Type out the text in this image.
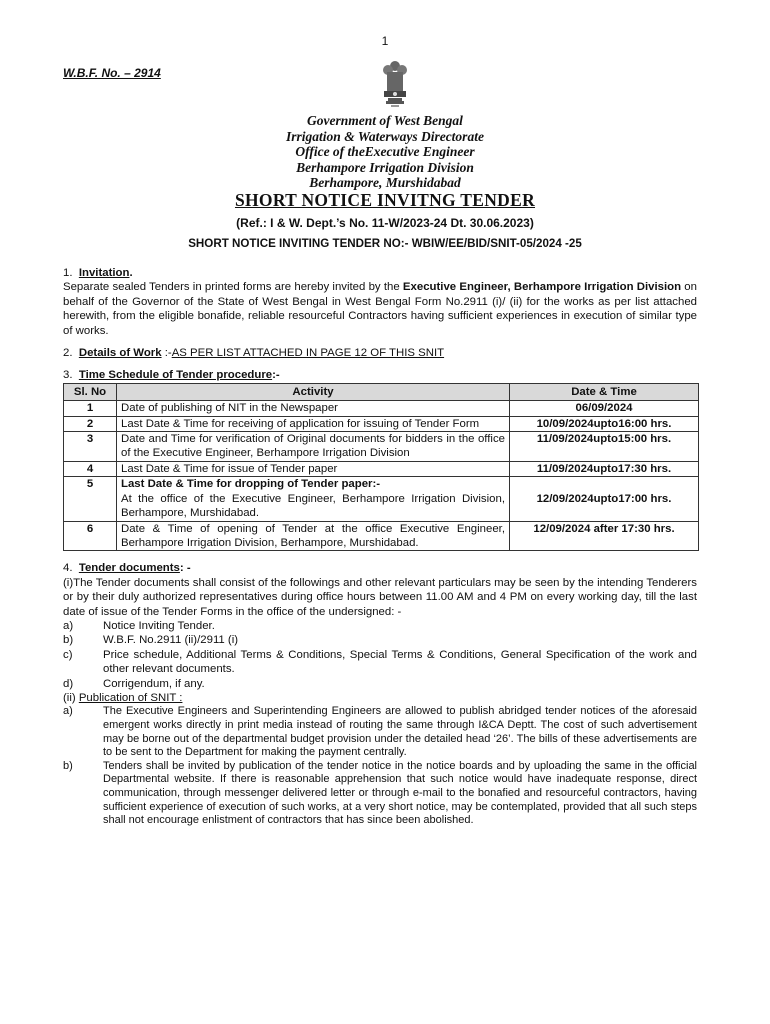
1
W.B.F. No. – 2914
Government of West Bengal
Irrigation & Waterways Directorate
Office of theExecutive Engineer
Berhampore Irrigation Division
Berhampore, Murshidabad
SHORT NOTICE INVITNG TENDER
(Ref.: I & W. Dept.’s No. 11-W/2023-24 Dt. 30.06.2023)
SHORT NOTICE INVITING TENDER NO:- WBIW/EE/BID/SNIT-05/2024 -25
1. Invitation.

Separate sealed Tenders in printed forms are hereby invited by the Executive Engineer, Berhampore Irrigation Division on behalf of the Governor of the State of West Bengal in West Bengal Form No.2911 (i)/ (ii) for the works as per list attached herewith, from the eligible bonafide, reliable resourceful Contractors having sufficient experiences in execution of similar type of works.

2. Details of Work :-AS PER LIST ATTACHED IN PAGE 12 OF THIS SNIT
3. Time Schedule of Tender procedure:-
Sl. No	Activity	Date & Time
1	Date of publishing of NIT in the Newspaper	06/09/2024
2	Last Date & Time for receiving of application for issuing of Tender Form	10/09/2024upto16:00 hrs.
3	Date and Time for verification of Original documents for bidders in the office of the Executive Engineer, Berhampore Irrigation Division	11/09/2024upto15:00 hrs.
4	Last Date & Time for issue of Tender paper	11/09/2024upto17:30 hrs.
5	Last Date & Time for dropping of Tender paper:-
At the office of the Executive Engineer, Berhampore Irrigation Division, Berhampore, Murshidabad.	12/09/2024upto17:00 hrs.
6	Date & Time of opening of Tender at the office Executive Engineer, Berhampore Irrigation Division, Berhampore, Murshidabad.	12/09/2024 after 17:30 hrs.
4. Tender documents: -

(i)The Tender documents shall consist of the followings and other relevant particulars may be seen by the intending Tenderers or by their duly authorized representatives during office hours between 11.00 AM and 4 PM on every working day, till the last date of issue of the Tender Forms in the office of the undersigned: -

a)	Notice Inviting Tender.
b)	W.B.F. No.2911 (ii)/2911 (i)
c)	Price schedule, Additional Terms & Conditions, Special Terms & Conditions, General Specification of the work and other relevant documents.
d)	Corrigendum, if any.
(ii) Publication of SNIT :
a)	The Executive Engineers and Superintending Engineers are allowed to publish abridged tender notices of the aforesaid emergent works directly in print media instead of routing the same through I&CA Deptt. The cost of such advertisement may be borne out of the departmental budget provision under the detailed head ‘26’. The bills of these advertisements are to be sent to the Department for making the payment centrally.
b)	Tenders shall be invited by publication of the tender notice in the notice boards and by uploading the same in the official Departmental website. If there is reasonable apprehension that such notice would have inadequate response, direct communication, through messenger delivered letter or through e-mail to the bonafied and resourceful contractors, having sufficient experience of execution of such works, at a very short notice, may be contemplated, provided that all such steps shall not encourage enlistment of contractors that has since been abolished.
